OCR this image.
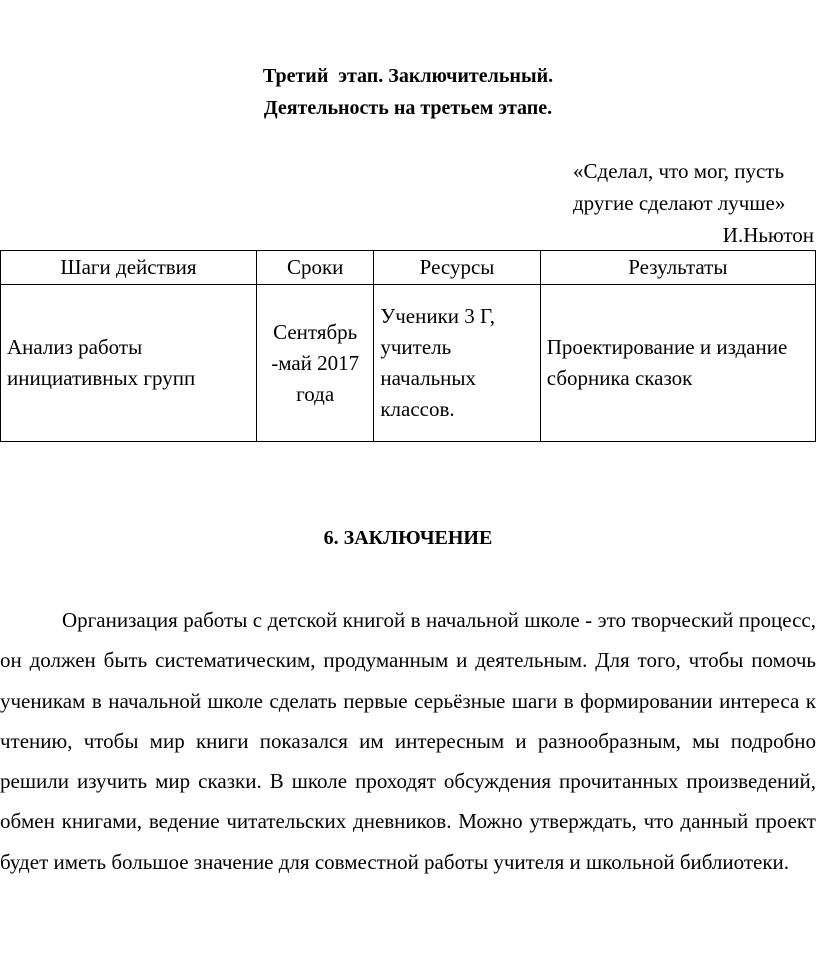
Третий  этап. Заключительный.
Деятельность на третьем этапе.
«Сделал, что мог, пусть
другие сделают лучше»
И.Ньютон
Шаги действия	Сроки	Ресурсы	Результаты
Анализ работы инициативных групп	Сентябрь -май 2017 года	Ученики 3 Г, учитель начальных классов.	Проектирование и издание сборника сказок
6. ЗАКЛЮЧЕНИЕ

Организация работы с детской книгой в начальной школе - это творческий процесс, он должен быть систематическим, продуманным и деятельным. Для того, чтобы помочь ученикам в начальной школе сделать первые серьёзные шаги в формировании интереса к чтению, чтобы мир книги показался им интересным и разнообразным, мы подробно решили изучить мир сказки. В школе проходят обсуждения прочитанных произведений, обмен книгами, ведение читательских дневников. Можно утверждать, что данный проект будет иметь большое значение для совместной работы учителя и школьной библиотеки.
